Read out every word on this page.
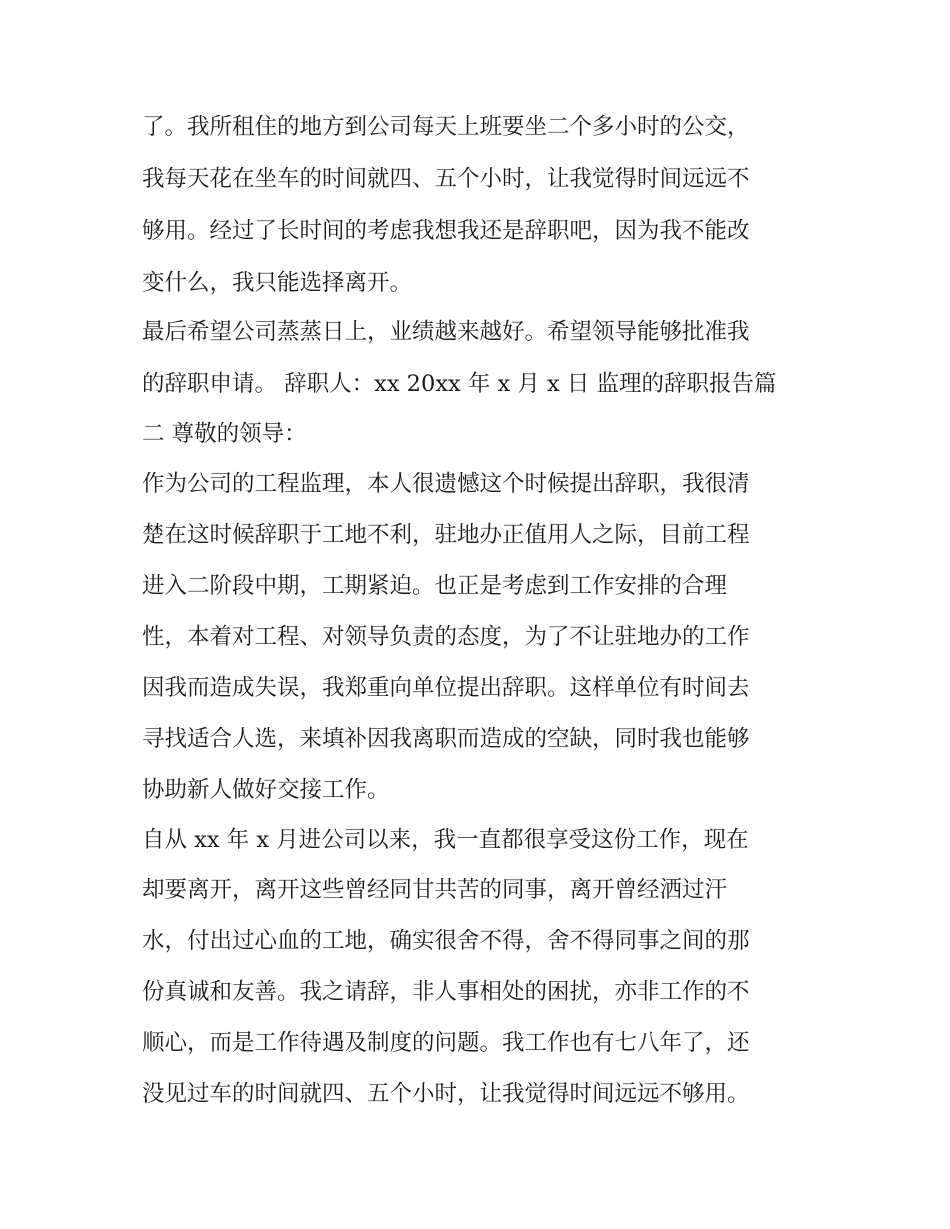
了。我所租住的地方到公司每天上班要坐二个多小时的公交，
我每天花在坐车的时间就四、五个小时，让我觉得时间远远不
够用。经过了长时间的考虑我想我还是辞职吧，因为我不能改
变什么，我只能选择离开。
最后希望公司蒸蒸日上，业绩越来越好。希望领导能够批准我
的辞职申请。 辞职人：xx 20xx 年 x 月 x 日 监理的辞职报告篇
二 尊敬的领导：
作为公司的工程监理，本人很遗憾这个时候提出辞职，我很清
楚在这时候辞职于工地不利，驻地办正值用人之际，目前工程
进入二阶段中期，工期紧迫。也正是考虑到工作安排的合理
性，本着对工程、对领导负责的态度，为了不让驻地办的工作
因我而造成失误，我郑重向单位提出辞职。这样单位有时间去
寻找适合人选，来填补因我离职而造成的空缺，同时我也能够
协助新人做好交接工作。
自从 xx 年 x 月进公司以来，我一直都很享受这份工作，现在
却要离开，离开这些曾经同甘共苦的同事，离开曾经洒过汗
水，付出过心血的工地，确实很舍不得，舍不得同事之间的那
份真诚和友善。我之请辞，非人事相处的困扰，亦非工作的不
顺心，而是工作待遇及制度的问题。我工作也有七八年了，还
没见过车的时间就四、五个小时，让我觉得时间远远不够用。
